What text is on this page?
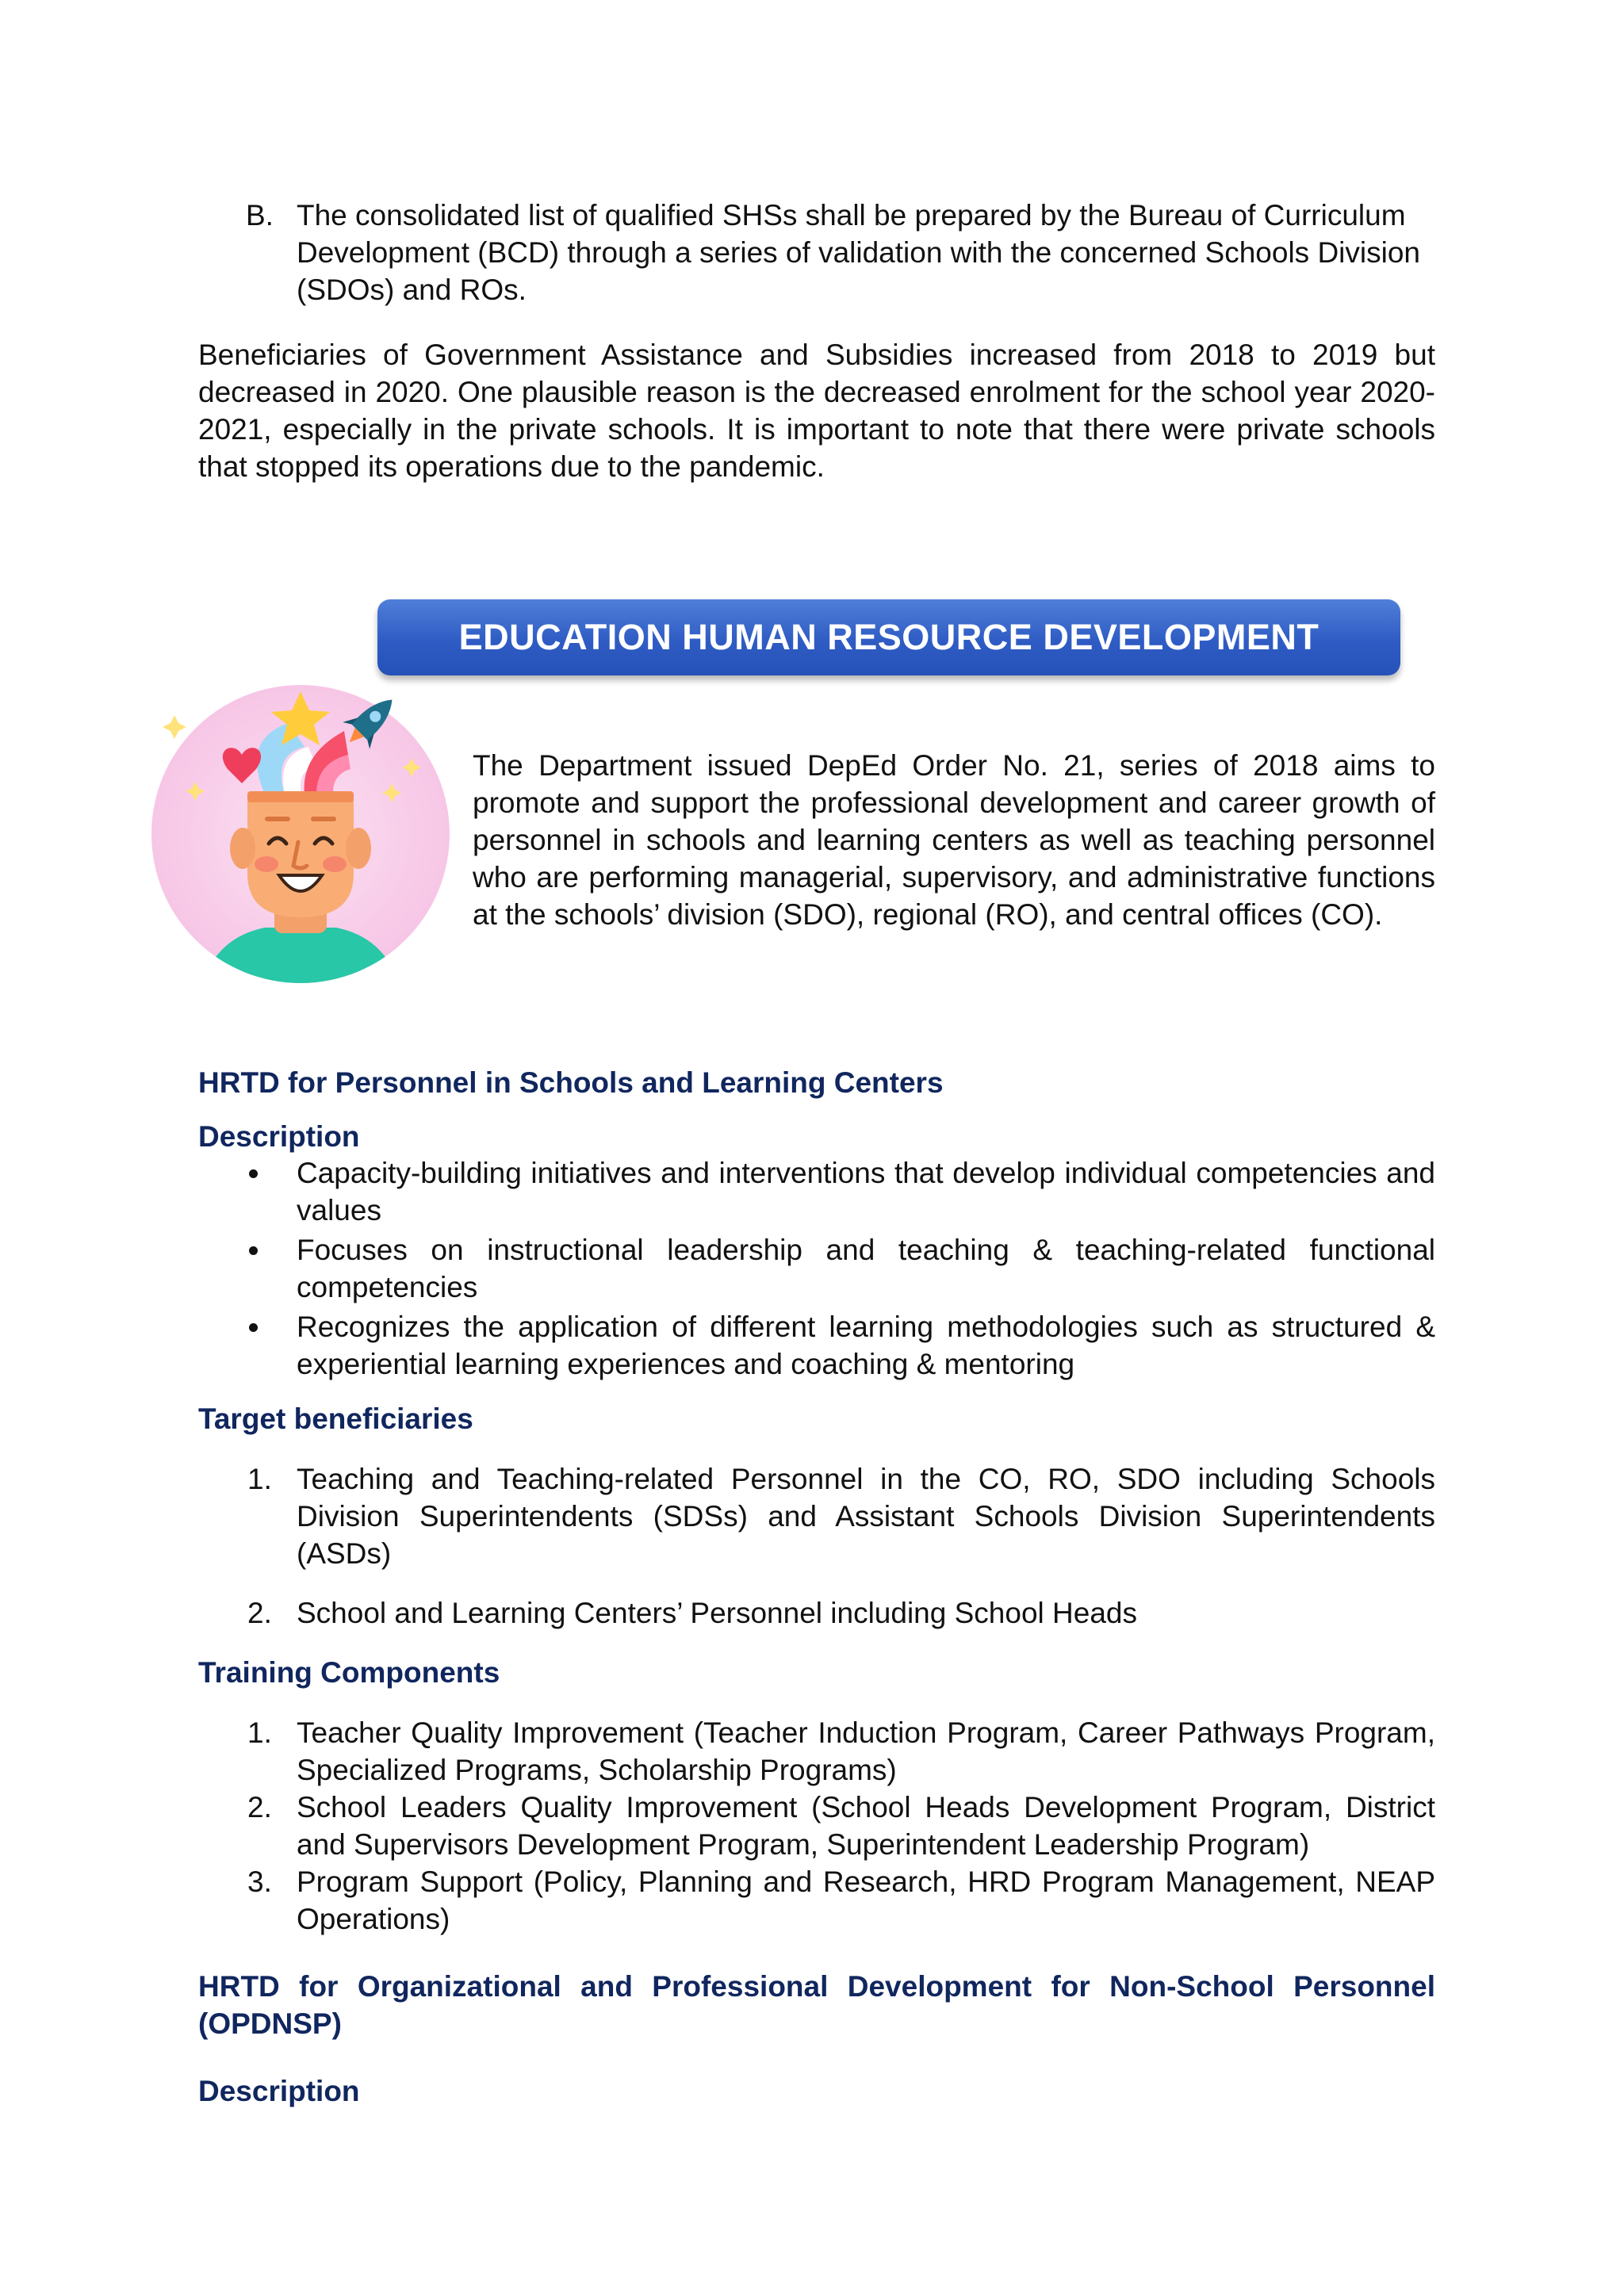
B. The consolidated list of qualified SHSs shall be prepared by the Bureau of Curriculum Development (BCD) through a series of validation with the concerned Schools Division (SDOs) and ROs.
Beneficiaries of Government Assistance and Subsidies increased from 2018 to 2019 but decreased in 2020. One plausible reason is the decreased enrolment for the school year 2020-2021, especially in the private schools. It is important to note that there were private schools that stopped its operations due to the pandemic.
EDUCATION HUMAN RESOURCE DEVELOPMENT
The Department issued DepEd Order No. 21, series of 2018 aims to promote and support the professional development and career growth of personnel in schools and learning centers as well as teaching personnel who are performing managerial, supervisory, and administrative functions at the schools’ division (SDO), regional (RO), and central offices (CO).
HRTD for Personnel in Schools and Learning Centers
Description
Capacity-building initiatives and interventions that develop individual competencies and values
Focuses on instructional leadership and teaching & teaching-related functional competencies
Recognizes the application of different learning methodologies such as structured & experiential learning experiences and coaching & mentoring
Target beneficiaries
1. Teaching and Teaching-related Personnel in the CO, RO, SDO including Schools Division Superintendents (SDSs) and Assistant Schools Division Superintendents (ASDs)
2. School and Learning Centers’ Personnel including School Heads
Training Components
1. Teacher Quality Improvement (Teacher Induction Program, Career Pathways Program, Specialized Programs, Scholarship Programs)
2. School Leaders Quality Improvement (School Heads Development Program, District and Supervisors Development Program, Superintendent Leadership Program)
3. Program Support (Policy, Planning and Research, HRD Program Management, NEAP Operations)
HRTD for Organizational and Professional Development for Non-School Personnel (OPDNSP)
Description
